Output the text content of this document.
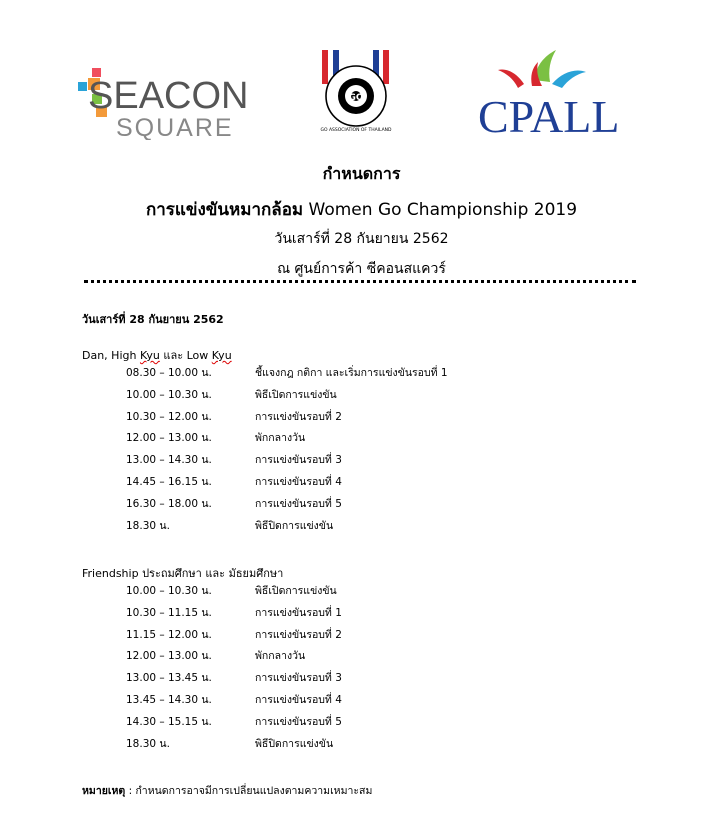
SEACON
SQUARE
GO
GO ASSOCIATION OF THAILAND CPALL
กำหนดการ
การแข่งขันหมากล้อม Women Go Championship 2019
วันเสาร์ที่ 28 กันยายน 2562
ณ ศูนย์การค้า ซีคอนสแควร์
วันเสาร์ที่ 28 กันยายน 2562
Dan, High Kyu และ Low Kyu
08.30 – 10.00 น.	ชี้แจงกฎ กติกา และเริ่มการแข่งขันรอบที่ 1
10.00 – 10.30 น.	พิธีเปิดการแข่งขัน
10.30 – 12.00 น.	การแข่งขันรอบที่ 2
12.00 – 13.00 น.	พักกลางวัน
13.00 – 14.30 น.	การแข่งขันรอบที่ 3
14.45 – 16.15 น.	การแข่งขันรอบที่ 4
16.30 – 18.00 น.	การแข่งขันรอบที่ 5
18.30 น.	พิธีปิดการแข่งขัน
Friendship ประถมศึกษา และ มัธยมศึกษา
10.00 – 10.30 น.	พิธีเปิดการแข่งขัน
10.30 – 11.15 น.	การแข่งขันรอบที่ 1
11.15 – 12.00 น.	การแข่งขันรอบที่ 2
12.00 – 13.00 น.	พักกลางวัน
13.00 – 13.45 น.	การแข่งขันรอบที่ 3
13.45 – 14.30 น.	การแข่งขันรอบที่ 4
14.30 – 15.15 น.	การแข่งขันรอบที่ 5
18.30 น.	พิธีปิดการแข่งขัน
หมายเหตุ : กำหนดการอาจมีการเปลี่ยนแปลงตามความเหมาะสม
